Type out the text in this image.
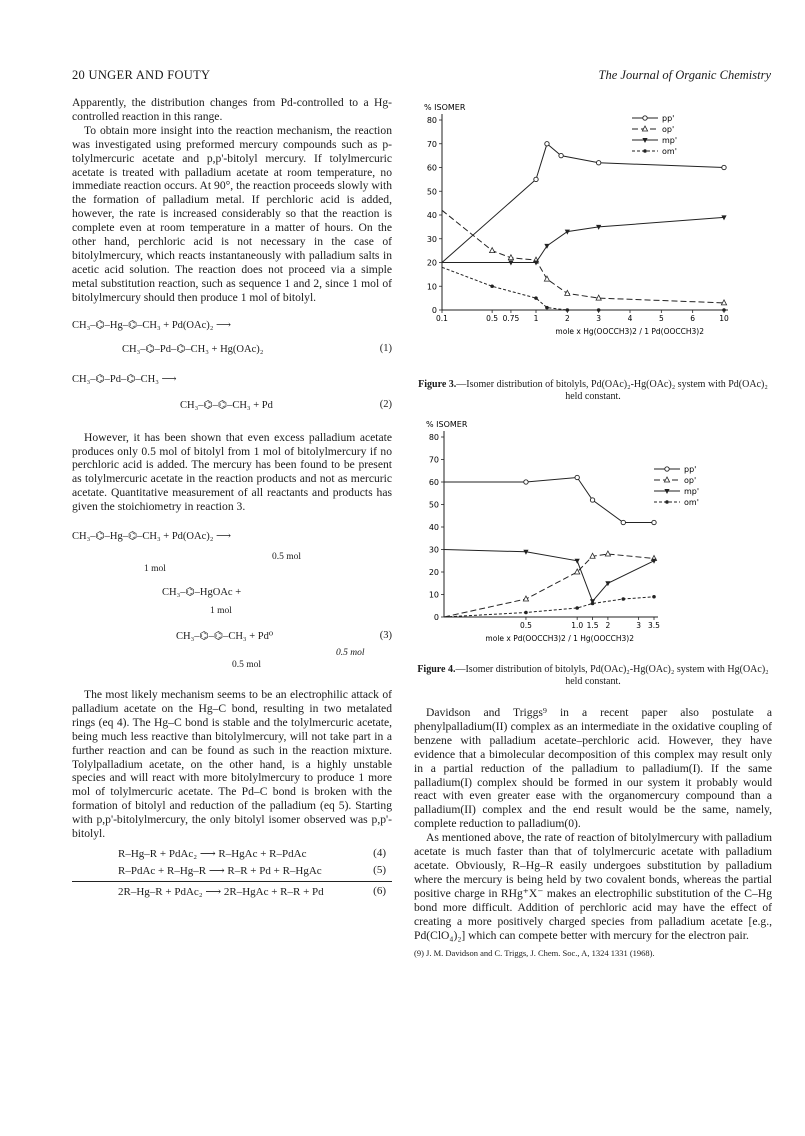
20 UNGER AND FOUTY	The Journal of Organic Chemistry

Apparently, the distribution changes from Pd-controlled to a Hg-controlled reaction in this range.

To obtain more insight into the reaction mechanism, the reaction was investigated using preformed mercury compounds such as p-tolylmercuric acetate and p,p'-bitolyl mercury. If tolylmercuric acetate is treated with palladium acetate at room temperature, no immediate reaction occurs. At 90°, the reaction proceeds slowly with the formation of palladium metal. If perchloric acid is added, however, the rate is increased considerably so that the reaction is complete even at room temperature in a matter of hours. On the other hand, perchloric acid is not necessary in the case of bitolylmercury, which reacts instantaneously with palladium salts in acetic acid solution. The reaction does not proceed via a simple metal substitution reaction, such as sequence 1 and 2, since 1 mol of bitolylmercury should then produce 1 mol of bitolyl.

CH₃–⌬–Hg–⌬–CH₃ + Pd(OAc)₂ ⟶
CH₃–⌬–Pd–⌬–CH₃ + Hg(OAc)₂	(1)
CH₃–⌬–Pd–⌬–CH₃ ⟶
CH₃–⌬–⌬–CH₃ + Pd	(2)

However, it has been shown that even excess palladium acetate produces only 0.5 mol of bitolyl from 1 mol of bitolylmercury if no perchloric acid is added. The mercury has been found to be present as tolylmercuric acetate in the reaction products and not as mercuric acetate. Quantitative measurement of all reactants and products has given the stoichiometry in reaction 3.

CH₃–⌬–Hg–⌬–CH₃ + Pd(OAc)₂ ⟶
0.5 mol
1 mol
CH₃–⌬–HgOAc +
1 mol
CH₃–⌬–⌬–CH₃ + Pd⁰	(3)
0.5 mol
0.5 mol

The most likely mechanism seems to be an electrophilic attack of palladium acetate on the Hg–C bond, resulting in two metalated rings (eq 4). The Hg–C bond is stable and the tolylmercuric acetate, being much less reactive than bitolylmercury, will not take part in a further reaction and can be found as such in the reaction mixture. Tolylpalladium acetate, on the other hand, is a highly unstable species and will react with more bitolylmercury to produce 1 more mol of tolylmercuric acetate. The Pd–C bond is broken with the formation of bitolyl and reduction of the palladium (eq 5). Starting with p,p'-bitolylmercury, the only bitolyl isomer observed was p,p'-bitolyl.

R–Hg–R + PdAc₂ ⟶ R–HgAc + R–PdAc	(4)
R–PdAc + R–Hg–R ⟶ R–R + Pd + R–HgAc	(5)
2R–Hg–R + PdAc₂ ⟶ 2R–HgAc + R–R + Pd	(6)
% ISOMER
0
10
20
30
40
50
60
70
80
0.1	0.5 0.75 1	2	3	4	5	6	10
mole x Hg(OOCCH3)2 / 1 Pd(OOCCH3)2
pp'
op'
mp'
om'

Figure 3.—Isomer distribution of bitolyls, Pd(OAc)₂-Hg(OAc)₂ system with Pd(OAc)₂ held constant.

% ISOMER
0
10
20
30
40
50
60
70
80
0.5	1.0 1.5 2	3 3.5
mole x Pd(OOCCH3)2 / 1 Hg(OOCCH3)2
pp'
op'
mp'
om'

Figure 4.—Isomer distribution of bitolyls, Pd(OAc)₂-Hg(OAc)₂ system with Hg(OAc)₂ held constant.

Davidson and Triggs⁹ in a recent paper also postulate a phenylpalladium(II) complex as an intermediate in the oxidative coupling of benzene with palladium acetate–perchloric acid. However, they have evidence that a bimolecular decomposition of this complex may result only in a partial reduction of the palladium to palladium(I). If the same palladium(I) complex should be formed in our system it probably would react with even greater ease with the organomercury compound than a palladium(II) complex and the end result would be the same, namely, complete reduction to palladium(0).

As mentioned above, the rate of reaction of bitolylmercury with palladium acetate is much faster than that of tolylmercuric acetate with palladium acetate. Obviously, R–Hg–R easily undergoes substitution by palladium where the mercury is being held by two covalent bonds, whereas the partial positive charge in RHg⁺X⁻ makes an electrophilic substitution of the C–Hg bond more difficult. Addition of perchloric acid may have the effect of creating a more positively charged species from palladium acetate [e.g., Pd(ClO₄)₂] which can compete better with mercury for the electron pair.

(9) J. M. Davidson and C. Triggs, J. Chem. Soc., A, 1324 1331 (1968).
